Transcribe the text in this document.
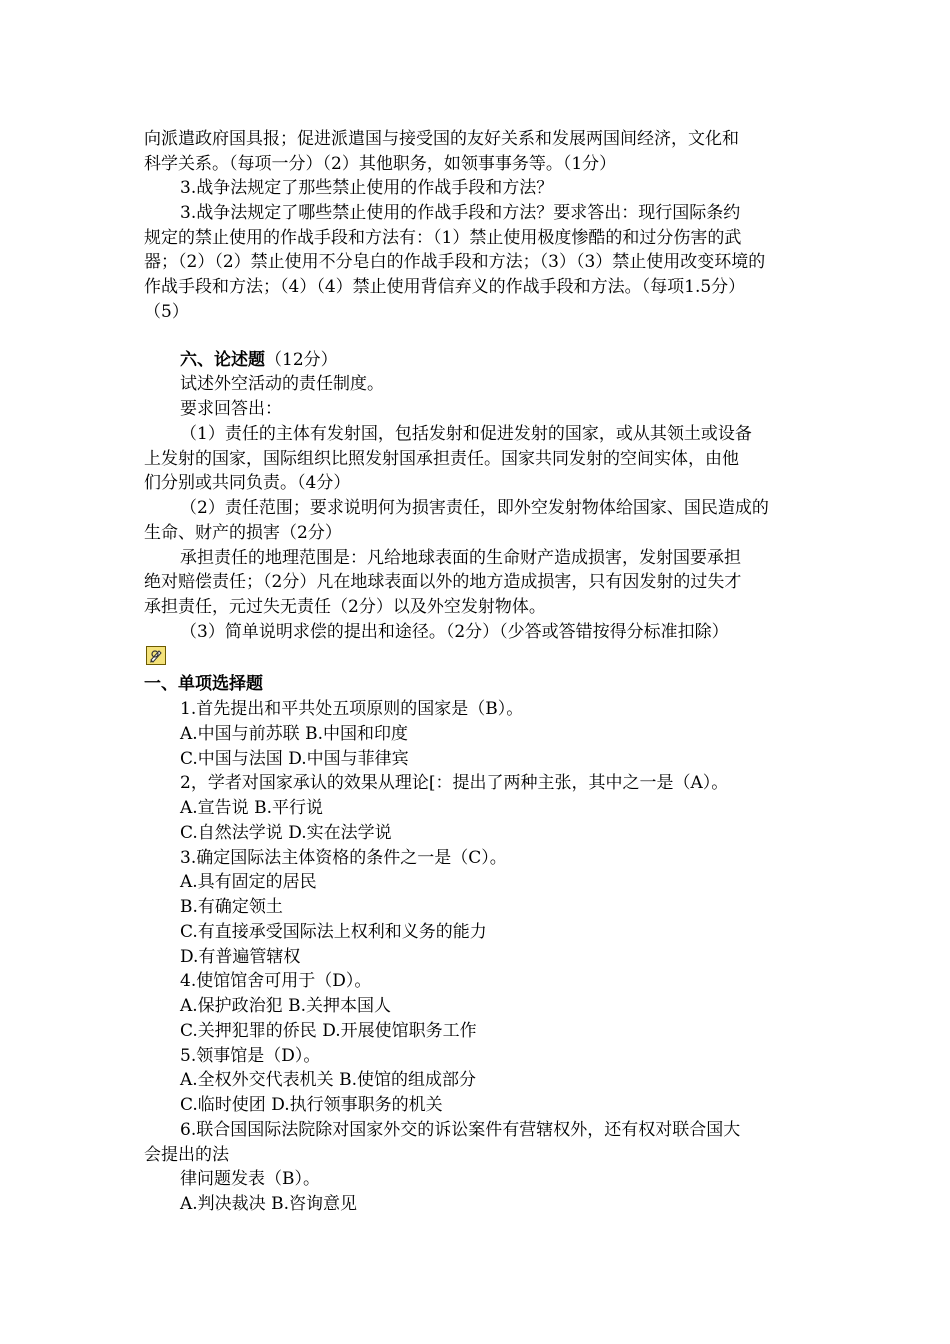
向派遣政府国具报；促进派遣国与接受国的友好关系和发展两国间经济，文化和
科学关系。（每项一分）（2）其他职务，如领事事务等。（1分）
3.战争法规定了那些禁止使用的作战手段和方法？
3.战争法规定了哪些禁止使用的作战手段和方法？要求答出：现行国际条约
规定的禁止使用的作战手段和方法有：（1）禁止使用极度惨酷的和过分伤害的武
器；（2）（2）禁止使用不分皂白的作战手段和方法；（3）（3）禁止使用改变环境的
作战手段和方法；（4）（4）禁止使用背信弃义的作战手段和方法。（每项1.5分）
（5）
六、论述题（12分）
试述外空活动的责任制度。
要求回答出：
（1）责任的主体有发射国，包括发射和促进发射的国家，或从其领土或设备
上发射的国家，国际组织比照发射国承担责任。国家共同发射的空间实体，由他
们分别或共同负责。（4分）
（2）责任范围；要求说明何为损害责任，即外空发射物体给国家、国民造成的
生命、财产的损害（2分）
承担责任的地理范围是：凡给地球表面的生命财产造成损害，发射国要承担
绝对赔偿责任；（2分）凡在地球表面以外的地方造成损害，只有因发射的过失才
承担责任，元过失无责任（2分）以及外空发射物体。
（3）简单说明求偿的提出和途径。（2分）（少答或答错按得分标准扣除）
一、单项选择题
1.首先提出和平共处五项原则的国家是（B）。
A.中国与前苏联 B.中国和印度
C.中国与法国 D.中国与菲律宾
2，学者对国家承认的效果从理论[：提出了两种主张，其中之一是（A）。
A.宣告说 B.平行说
C.自然法学说 D.实在法学说
3.确定国际法主体资格的条件之一是（C）。
A.具有固定的居民
B.有确定领土
C.有直接承受国际法上权利和义务的能力
D.有普遍管辖权
4.使馆馆舍可用于（D）。
A.保护政治犯 B.关押本国人
C.关押犯罪的侨民 D.开展使馆职务工作
5.领事馆是（D）。
A.全权外交代表机关 B.使馆的组成部分
C.临时使团 D.执行领事职务的机关
6.联合国国际法院除对国家外交的诉讼案件有营辖权外，还有权对联合国大
会提出的法
律问题发表（B）。
A.判决裁决 B.咨询意见
